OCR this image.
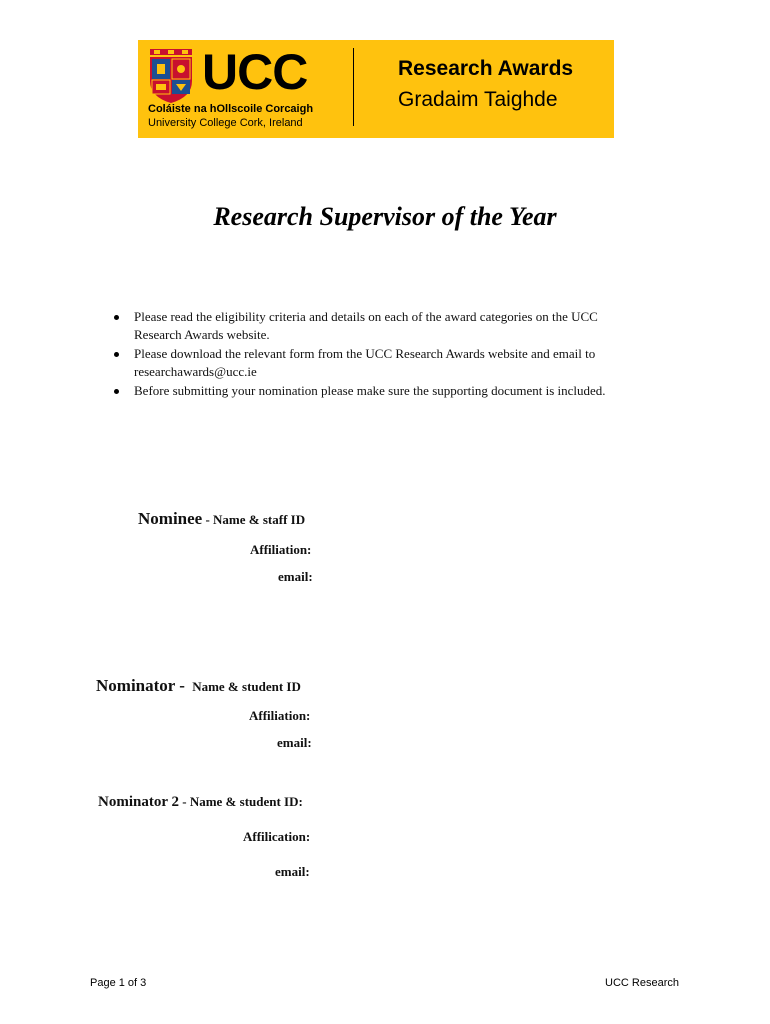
UCC
Coláiste na hOllscoile Corcaigh
University College Cork, Ireland
Research Awards
Gradaim Taighde
Research Supervisor of the Year
Please read the eligibility criteria and details on each of the award categories on the UCC Research Awards website.
Please download the relevant form from the UCC Research Awards website and email to researchawards@ucc.ie
Before submitting your nomination please make sure the supporting document is included.
Nominee - Name & staff ID
Affiliation:
email:
Nominator - Name & student ID
Affiliation:
email:
Nominator 2 - Name & student ID:
Affilication:
email:
Page 1 of 3	UCC Research
